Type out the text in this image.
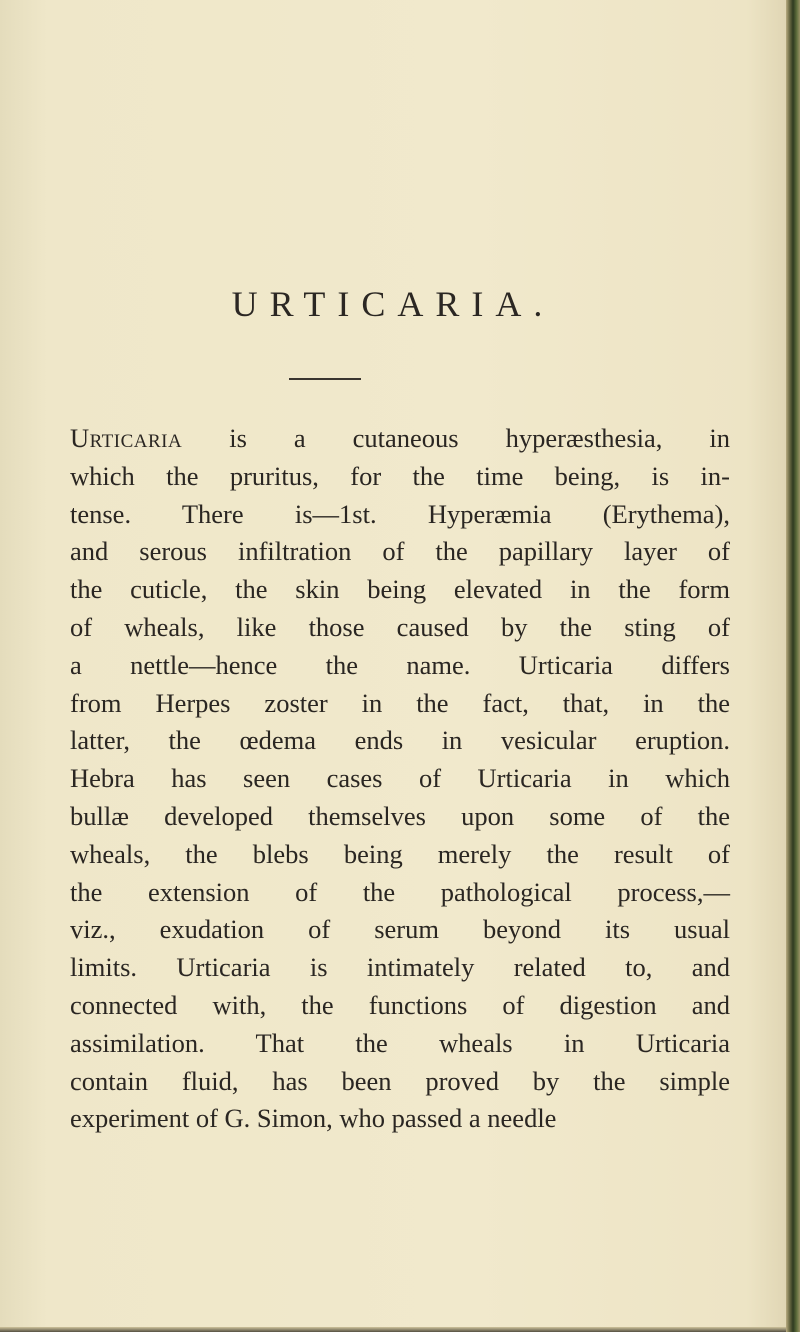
URTICARIA.
Urticaria is a cutaneous hyperæsthesia, in
which the pruritus, for the time being, is in-
tense. There is—1st. Hyperæmia (Erythema),
and serous infiltration of the papillary layer of
the cuticle, the skin being elevated in the form
of wheals, like those caused by the sting of
a nettle—hence the name. Urticaria differs
from Herpes zoster in the fact, that, in the
latter, the œdema ends in vesicular eruption.
Hebra has seen cases of Urticaria in which
bullæ developed themselves upon some of the
wheals, the blebs being merely the result of
the extension of the pathological process,—
viz., exudation of serum beyond its usual
limits. Urticaria is intimately related to, and
connected with, the functions of digestion and
assimilation. That the wheals in Urticaria
contain fluid, has been proved by the simple
experiment of G. Simon, who passed a needle
